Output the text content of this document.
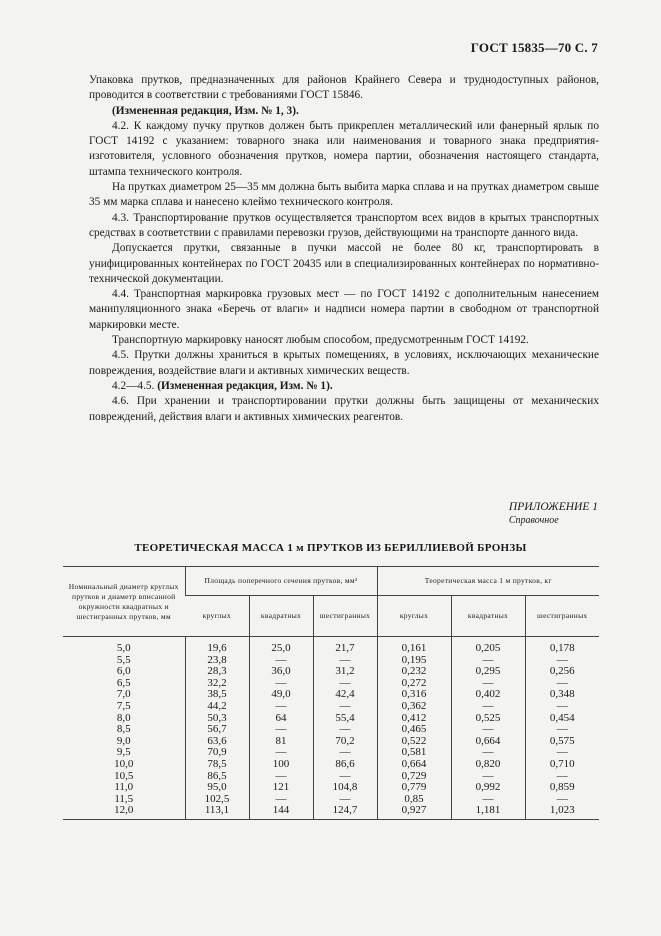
ГОСТ 15835—70 С. 7

Упаковка прутков, предназначенных для районов Крайнего Севера и труднодоступных районов, проводится в соответствии с требованиями ГОСТ 15846.

(Измененная редакция, Изм. № 1, 3).

4.2. К каждому пучку прутков должен быть прикреплен металлический или фанерный ярлык по ГОСТ 14192 с указанием: товарного знака или наименования и товарного знака предприятия-изготовителя, условного обозначения прутков, номера партии, обозначения настоящего стандарта, штампа технического контроля.

На прутках диаметром 25—35 мм должна быть выбита марка сплава и на прутках диаметром свыше 35 мм марка сплава и нанесено клеймо технического контроля.

4.3. Транспортирование прутков осуществляется транспортом всех видов в крытых транспортных средствах в соответствии с правилами перевозки грузов, действующими на транспорте данного вида.

Допускается прутки, связанные в пучки массой не более 80 кг, транспортировать в унифицированных контейнерах по ГОСТ 20435 или в специализированных контейнерах по нормативно-технической документации.

4.4. Транспортная маркировка грузовых мест — по ГОСТ 14192 с дополнительным нанесением манипуляционного знака «Беречь от влаги» и надписи номера партии в свободном от транспортной маркировки месте.

Транспортную маркировку наносят любым способом, предусмотренным ГОСТ 14192.

4.5. Прутки должны храниться в крытых помещениях, в условиях, исключающих механические повреждения, воздействие влаги и активных химических веществ.

4.2—4.5. (Измененная редакция, Изм. № 1).

4.6. При хранении и транспортировании прутки должны быть защищены от механических повреждений, действия влаги и активных химических реагентов.

ПРИЛОЖЕНИЕ 1
Справочное
ТЕОРЕТИЧЕСКАЯ МАССА 1 м ПРУТКОВ ИЗ БЕРИЛЛИЕВОЙ БРОНЗЫ
Номинальный диаметр круглых прутков и диаметр вписанной окружности квадратных и шестигранных прутков, мм	Площадь поперечного сечения прутков, мм²			Теоретическая масса 1 м прутков, кг		
	круглых	квадратных	шестигранных	круглых	квадратных	шестигранных
5,0	19,6	25,0	21,7	0,161	0,205	0,178
5,5	23,8	—	—	0,195	—	—
6,0	28,3	36,0	31,2	0,232	0,295	0,256
6,5	32,2	—	—	0,272	—	—
7,0	38,5	49,0	42,4	0,316	0,402	0,348
7,5	44,2	—	—	0,362	—	—
8,0	50,3	64	55,4	0,412	0,525	0,454
8,5	56,7	—	—	0,465	—	—
9,0	63,6	81	70,2	0,522	0,664	0,575
9,5	70,9	—	—	0,581	—	—
10,0	78,5	100	86,6	0,664	0,820	0,710
10,5	86,5	—	—	0,729	—	—
11,0	95,0	121	104,8	0,779	0,992	0,859
11,5	102,5	—	—	0,85	—	—
12,0	113,1	144	124,7	0,927	1,181	1,023
